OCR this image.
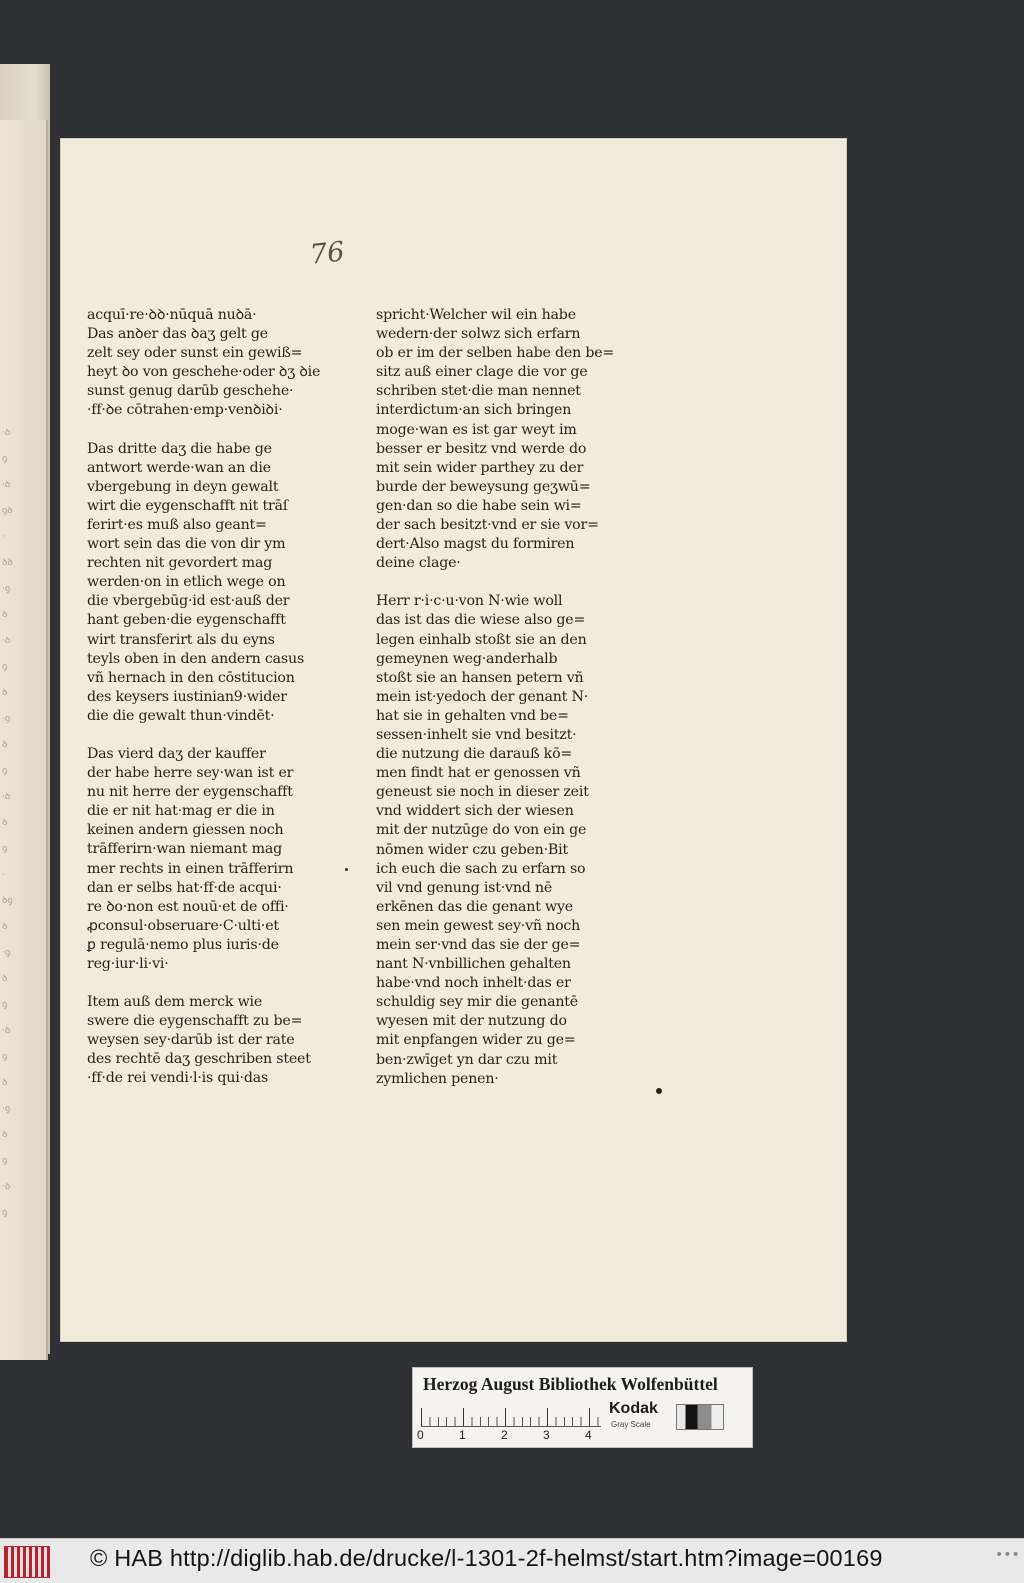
·ꝺ
ꝯ
·ꝺ
ꝯꝺ
·
ꝺꝺ
·ꝯ
ꝺ
·ꝺ
ꝯ
ꝺ
·ꝯ
ꝺ
ꝯ
·ꝺ
ꝺ
ꝯ
·
ꝺꝯ
ꝺ
·ꝯ
ꝺ
ꝯ
·ꝺ
ꝯ
ꝺ
·ꝯ
ꝺ
ꝯ
·ꝺ
ꝯ
76
acquī·re·ꝺꝺ·nūquā nuꝺā·
Das anꝺer das ꝺaʒ gelt ge
zelt sey oder sunst ein gewiß=
heyt ꝺo von geschehe·oder ꝺʒ ꝺie
sunst genug darūb geschehe·
·ff·ꝺe cōtrahen·emp·venꝺiꝺi·
Das dritte daʒ die habe ge
antwort werde·wan an die
vbergebung in deyn gewalt
wirt die eygenschafft nit trāſ
ferirt·es muß also geant=
wort sein das die von dir ym
rechten nit gevordert mag
werden·on in etlich wege on
die vbergebūg·id est·auß der
hant geben·die eygenschafft
wirt transferirt als du eyns
teyls oben in den andern casus
vñ hernach in den cōstitucion
des keysers iustinian9·wider
die die gewalt thun·vindēt·
Das vierd daʒ der kauffer
der habe herre sey·wan ist er
nu nit herre der eygenschafft
die er nit hat·mag er die in
keinen andern giessen noch
trāfferirn·wan niemant mag
mer rechts in einen trāfferirn
dan er selbs hat·ff·de acqui·
re ꝺo·non est nouū·et de offi·
ꝓconsul·obseruare·C·ulti·et
ꝑ regulā·nemo plus iuris·de
reg·iur·li·vi·
Item auß dem merck wie
swere die eygenschafft zu be=
weysen sey·darūb ist der rate
des rechtē daʒ geschriben steet
·ff·de rei vendi·l·is qui·das
spricht·Welcher wil ein habe
wedern·der solwz sich erfarn
ob er im der selben habe den be=
sitz auß einer clage die vor ge
schriben stet·die man nennet
interdictum·an sich bringen
moge·wan es ist gar weyt im
besser er besitz vnd werde do
mit sein wider parthey zu der
burde der beweysung geʒwū=
gen·dan so die habe sein wi=
der sach besitzt·vnd er sie vor=
dert·Also magst du formiren
deine clage·
Herr r·i·c·u·von N·wie woll
das ist das die wiese also ge=
legen einhalb stoßt sie an den
gemeynen weg·anderhalb
stoßt sie an hansen petern vñ
mein ist·yedoch der genant N·
hat sie in gehalten vnd be=
sessen·inhelt sie vnd besitzt·
die nutzung die darauß kō=
men findt hat er genossen vñ
geneust sie noch in dieser zeit
vnd widdert sich der wiesen
mit der nutzūge do von ein ge
nōmen wider czu geben·Bit
ich euch die sach zu erfarn so
vil vnd genung ist·vnd nē
erkēnen das die genant wye
sen mein gewest sey·vñ noch
mein ser·vnd das sie der ge=
nant N·vnbillichen gehalten
habe·vnd noch inhelt·das er
schuldig sey mir die genantē
wyesen mit der nutzung do
mit enpfangen wider zu ge=
ben·zwīget yn dar czu mit
zymlichen penen·
Herzog August Bibliothek Wolfenbüttel
0	1	2	3	4
Kodak
Gray Scale
© HAB http://diglib.hab.de/drucke/l-1301-2f-helmst/start.htm?image=00169	•••
